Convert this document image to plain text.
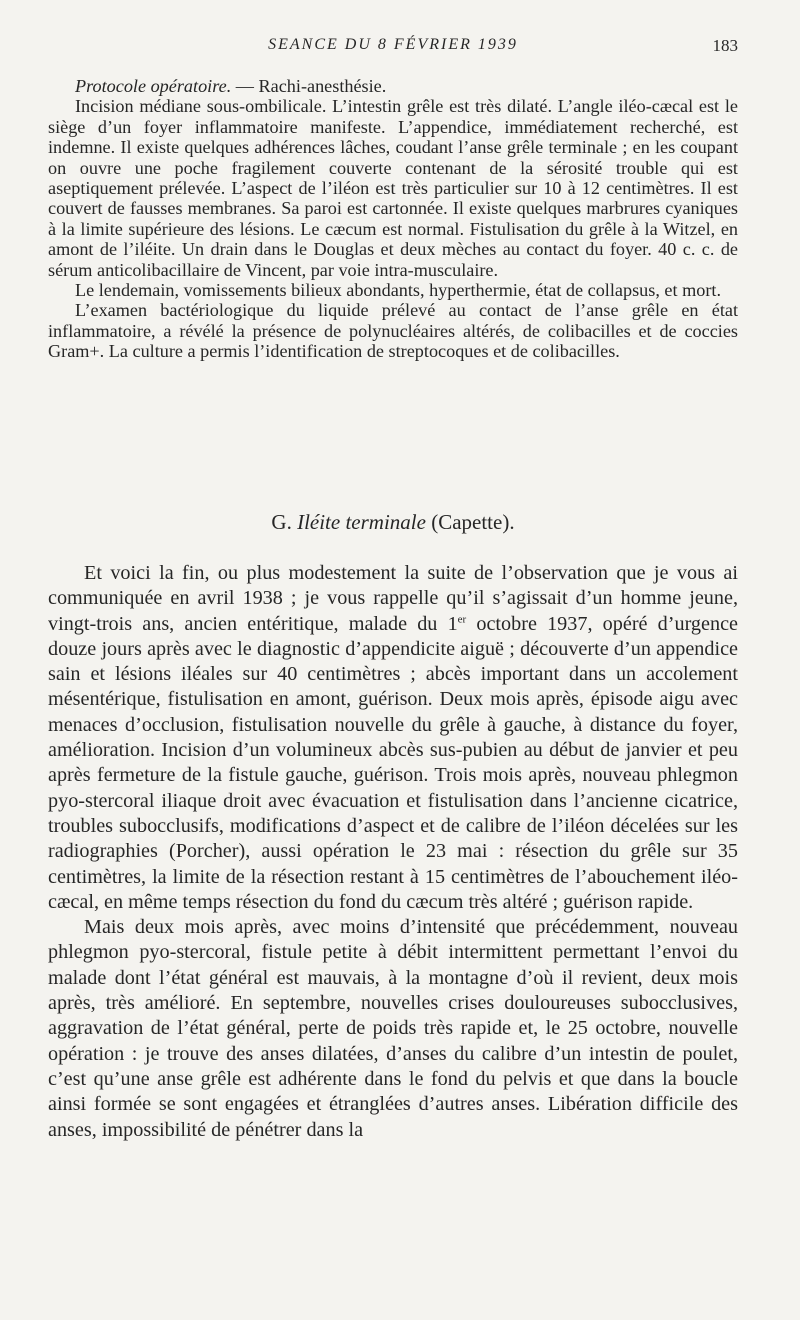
SEANCE DU 8 FÉVRIER 1939	183

Protocole opératoire. — Rachi-anesthésie.

Incision médiane sous-ombilicale. L’intestin grêle est très dilaté. L’angle iléo-cæcal est le siège d’un foyer inflammatoire manifeste. L’appendice, immédiatement recherché, est indemne. Il existe quelques adhérences lâches, coudant l’anse grêle terminale ; en les coupant on ouvre une poche fragilement couverte contenant de la sérosité trouble qui est aseptiquement prélevée. L’aspect de l’iléon est très particulier sur 10 à 12 centimètres. Il est couvert de fausses membranes. Sa paroi est cartonnée. Il existe quelques marbrures cyaniques à la limite supérieure des lésions. Le cæcum est normal. Fistulisation du grêle à la Witzel, en amont de l’iléite. Un drain dans le Douglas et deux mèches au contact du foyer. 40 c. c. de sérum anticolibacillaire de Vincent, par voie intra-musculaire.

Le lendemain, vomissements bilieux abondants, hyperthermie, état de collapsus, et mort.

L’examen bactériologique du liquide prélevé au contact de l’anse grêle en état inflammatoire, a révélé la présence de polynucléaires altérés, de colibacilles et de coccies Gram+. La culture a permis l’identification de streptocoques et de colibacilles.

G. Iléite terminale (Capette).

Et voici la fin, ou plus modestement la suite de l’observation que je vous ai communiquée en avril 1938 ; je vous rappelle qu’il s’agissait d’un homme jeune, vingt-trois ans, ancien entéritique, malade du 1er octobre 1937, opéré d’urgence douze jours après avec le diagnostic d’appendicite aiguë ; découverte d’un appendice sain et lésions iléales sur 40 centimètres ; abcès important dans un accolement mésentérique, fistulisation en amont, guérison. Deux mois après, épisode aigu avec menaces d’occlusion, fistulisation nouvelle du grêle à gauche, à distance du foyer, amélioration. Incision d’un volumineux abcès sus-pubien au début de janvier et peu après fermeture de la fistule gauche, guérison. Trois mois après, nouveau phlegmon pyo-stercoral iliaque droit avec évacuation et fistulisation dans l’ancienne cicatrice, troubles subocclusifs, modifications d’aspect et de calibre de l’iléon décelées sur les radiographies (Porcher), aussi opération le 23 mai : résection du grêle sur 35 centimètres, la limite de la résection restant à 15 centimètres de l’abouchement iléo-cæcal, en même temps résection du fond du cæcum très altéré ; guérison rapide.

Mais deux mois après, avec moins d’intensité que précédemment, nouveau phlegmon pyo-stercoral, fistule petite à débit intermittent permettant l’envoi du malade dont l’état général est mauvais, à la montagne d’où il revient, deux mois après, très amélioré. En septembre, nouvelles crises douloureuses subocclusives, aggravation de l’état général, perte de poids très rapide et, le 25 octobre, nouvelle opération : je trouve des anses dilatées, d’anses du calibre d’un intestin de poulet, c’est qu’une anse grêle est adhérente dans le fond du pelvis et que dans la boucle ainsi formée se sont engagées et étranglées d’autres anses. Libération difficile des anses, impossibilité de pénétrer dans la
